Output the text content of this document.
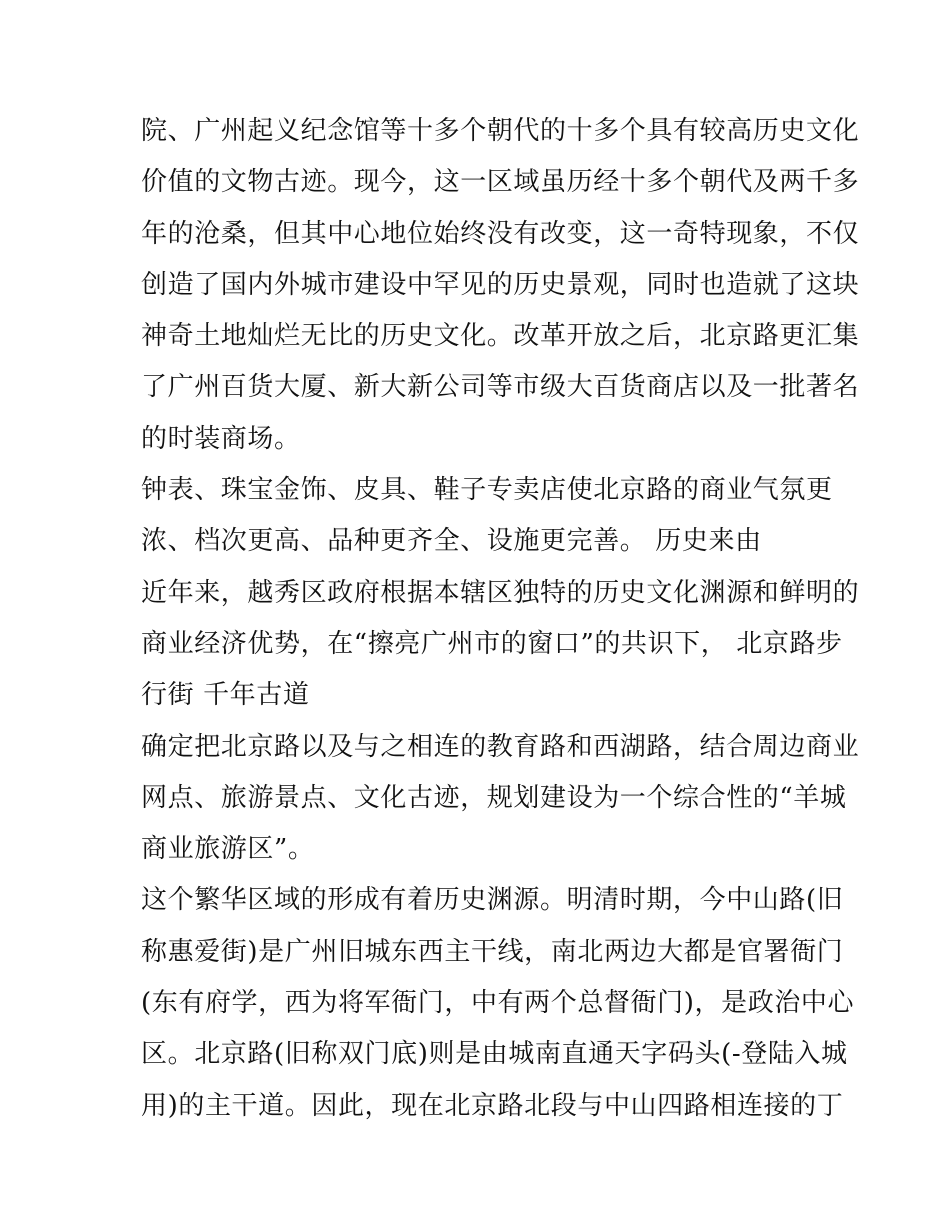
院、广州起义纪念馆等十多个朝代的十多个具有较高历史文化
价值的文物古迹。现今，这一区域虽历经十多个朝代及两千多
年的沧桑，但其中心地位始终没有改变，这一奇特现象，不仅
创造了国内外城市建设中罕见的历史景观，同时也造就了这块
神奇土地灿烂无比的历史文化。改革开放之后，北京路更汇集
了广州百货大厦、新大新公司等市级大百货商店以及一批著名
的时装商场。
钟表、珠宝金饰、皮具、鞋子专卖店使北京路的商业气氛更
浓、档次更高、品种更齐全、设施更完善。 历史来由
近年来，越秀区政府根据本辖区独特的历史文化渊源和鲜明的
商业经济优势，在“擦亮广州市的窗口”的共识下， 北京路步
行街 千年古道
确定把北京路以及与之相连的教育路和西湖路，结合周边商业
网点、旅游景点、文化古迹，规划建设为一个综合性的“羊城
商业旅游区”。
这个繁华区域的形成有着历史渊源。明清时期，今中山路(旧
称惠爱街)是广州旧城东西主干线，南北两边大都是官署衙门
(东有府学，西为将军衙门，中有两个总督衙门)，是政治中心
区。北京路(旧称双门底)则是由城南直通天字码头(-登陆入城
用)的主干道。因此，现在北京路北段与中山四路相连接的丁
